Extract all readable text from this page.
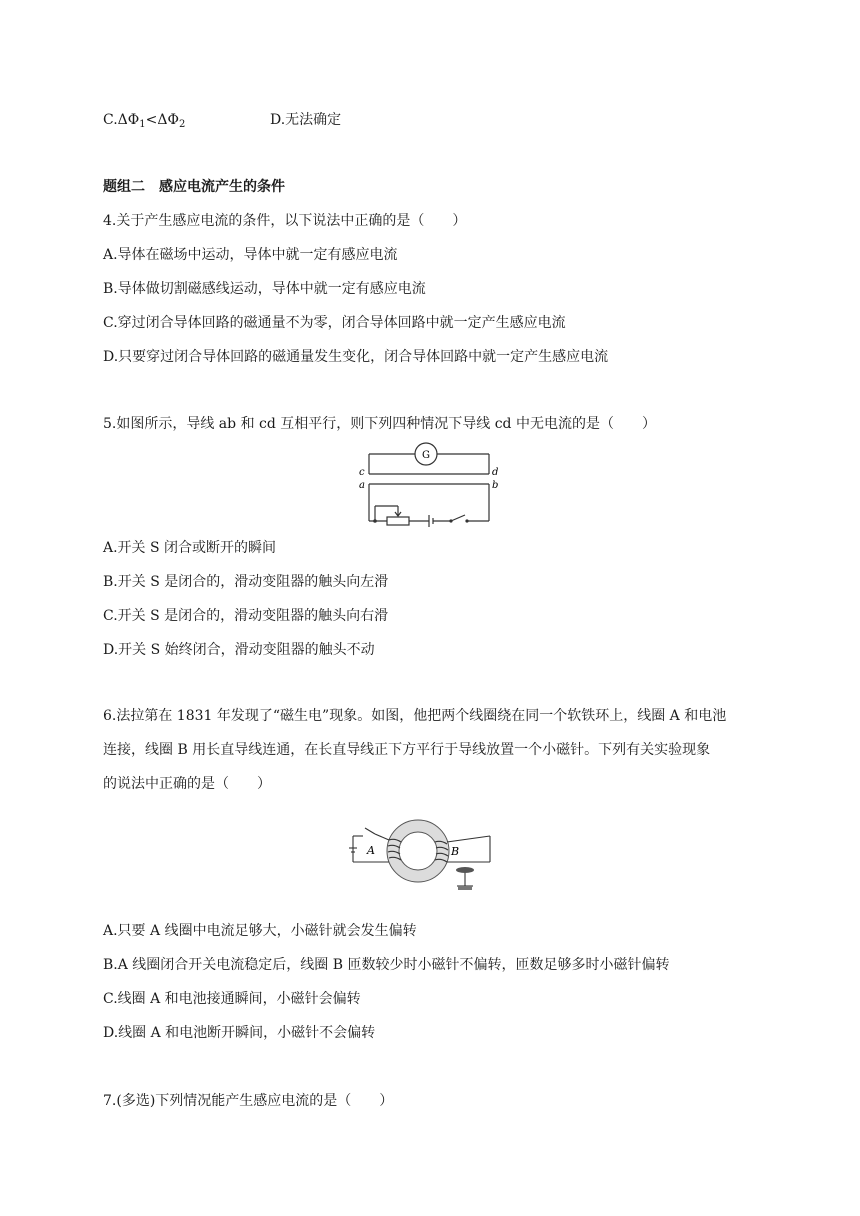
$C.\Delta\Phi_1<\Delta\Phi_2$	D.无法确定
题组二　感应电流产生的条件
4.关于产生感应电流的条件，以下说法中正确的是（　　）
A.导体在磁场中运动，导体中就一定有感应电流
B.导体做切割磁感线运动，导体中就一定有感应电流
C.穿过闭合导体回路的磁通量不为零，闭合导体回路中就一定产生感应电流
D.只要穿过闭合导体回路的磁通量发生变化，闭合导体回路中就一定产生感应电流
5.如图所示，导线 ab 和 cd 互相平行，则下列四种情况下导线 cd 中无电流的是（　　）
G
c	d
a	b
A.开关 S 闭合或断开的瞬间
B.开关 S 是闭合的，滑动变阻器的触头向左滑
C.开关 S 是闭合的，滑动变阻器的触头向右滑
D.开关 S 始终闭合，滑动变阻器的触头不动
6.法拉第在 1831 年发现了“磁生电”现象。如图，他把两个线圈绕在同一个软铁环上，线圈 A 和电池
连接，线圈 B 用长直导线连通，在长直导线正下方平行于导线放置一个小磁针。下列有关实验现象
的说法中正确的是（　　）
A	B
A.只要 A 线圈中电流足够大，小磁针就会发生偏转
B.A 线圈闭合开关电流稳定后，线圈 B 匝数较少时小磁针不偏转，匝数足够多时小磁针偏转
C.线圈 A 和电池接通瞬间，小磁针会偏转
D.线圈 A 和电池断开瞬间，小磁针不会偏转
7.(多选)下列情况能产生感应电流的是（　　）
